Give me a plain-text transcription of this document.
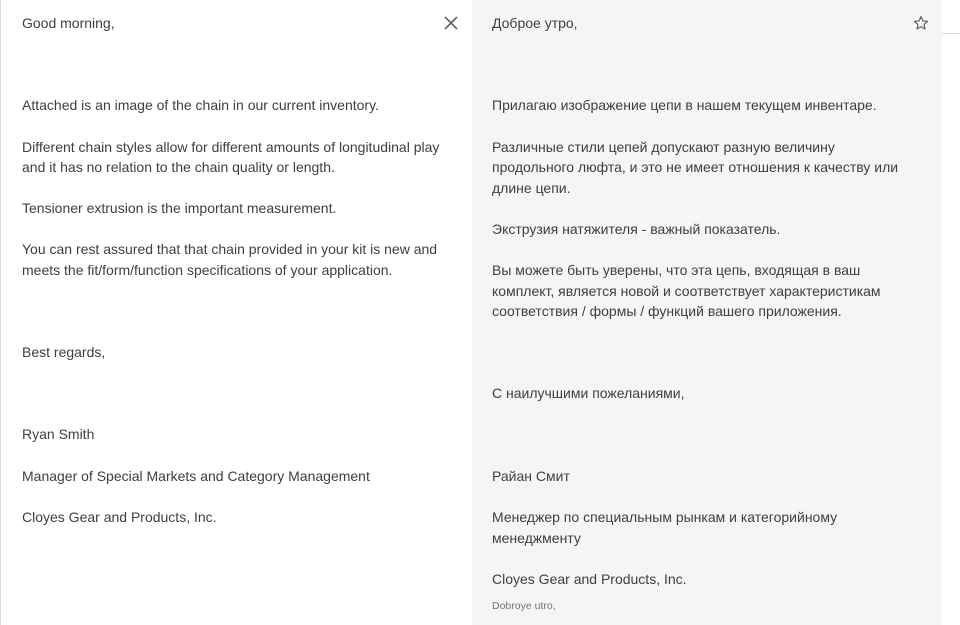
Good morning,
Attached is an image of the chain in our current inventory.
Different chain styles allow for different amounts of longitudinal play
and it has no relation to the chain quality or length.
Tensioner extrusion is the important measurement.
You can rest assured that that chain provided in your kit is new and
meets the fit/form/function specifications of your application.
Best regards,
Ryan Smith
Manager of Special Markets and Category Management
Cloyes Gear and Products, Inc.
Доброе утро,
Прилагаю изображение цепи в нашем текущем инвентаре.
Различные стили цепей допускают разную величину
продольного люфта, и это не имеет отношения к качеству или
длине цепи.
Экструзия натяжителя - важный показатель.
Вы можете быть уверены, что эта цепь, входящая в ваш
комплект, является новой и соответствует характеристикам
соответствия / формы / функций вашего приложения.
С наилучшими пожеланиями,
Райан Смит
Менеджер по специальным рынкам и категорийному
менеджменту
Cloyes Gear and Products, Inc.
Dobroye utro,
